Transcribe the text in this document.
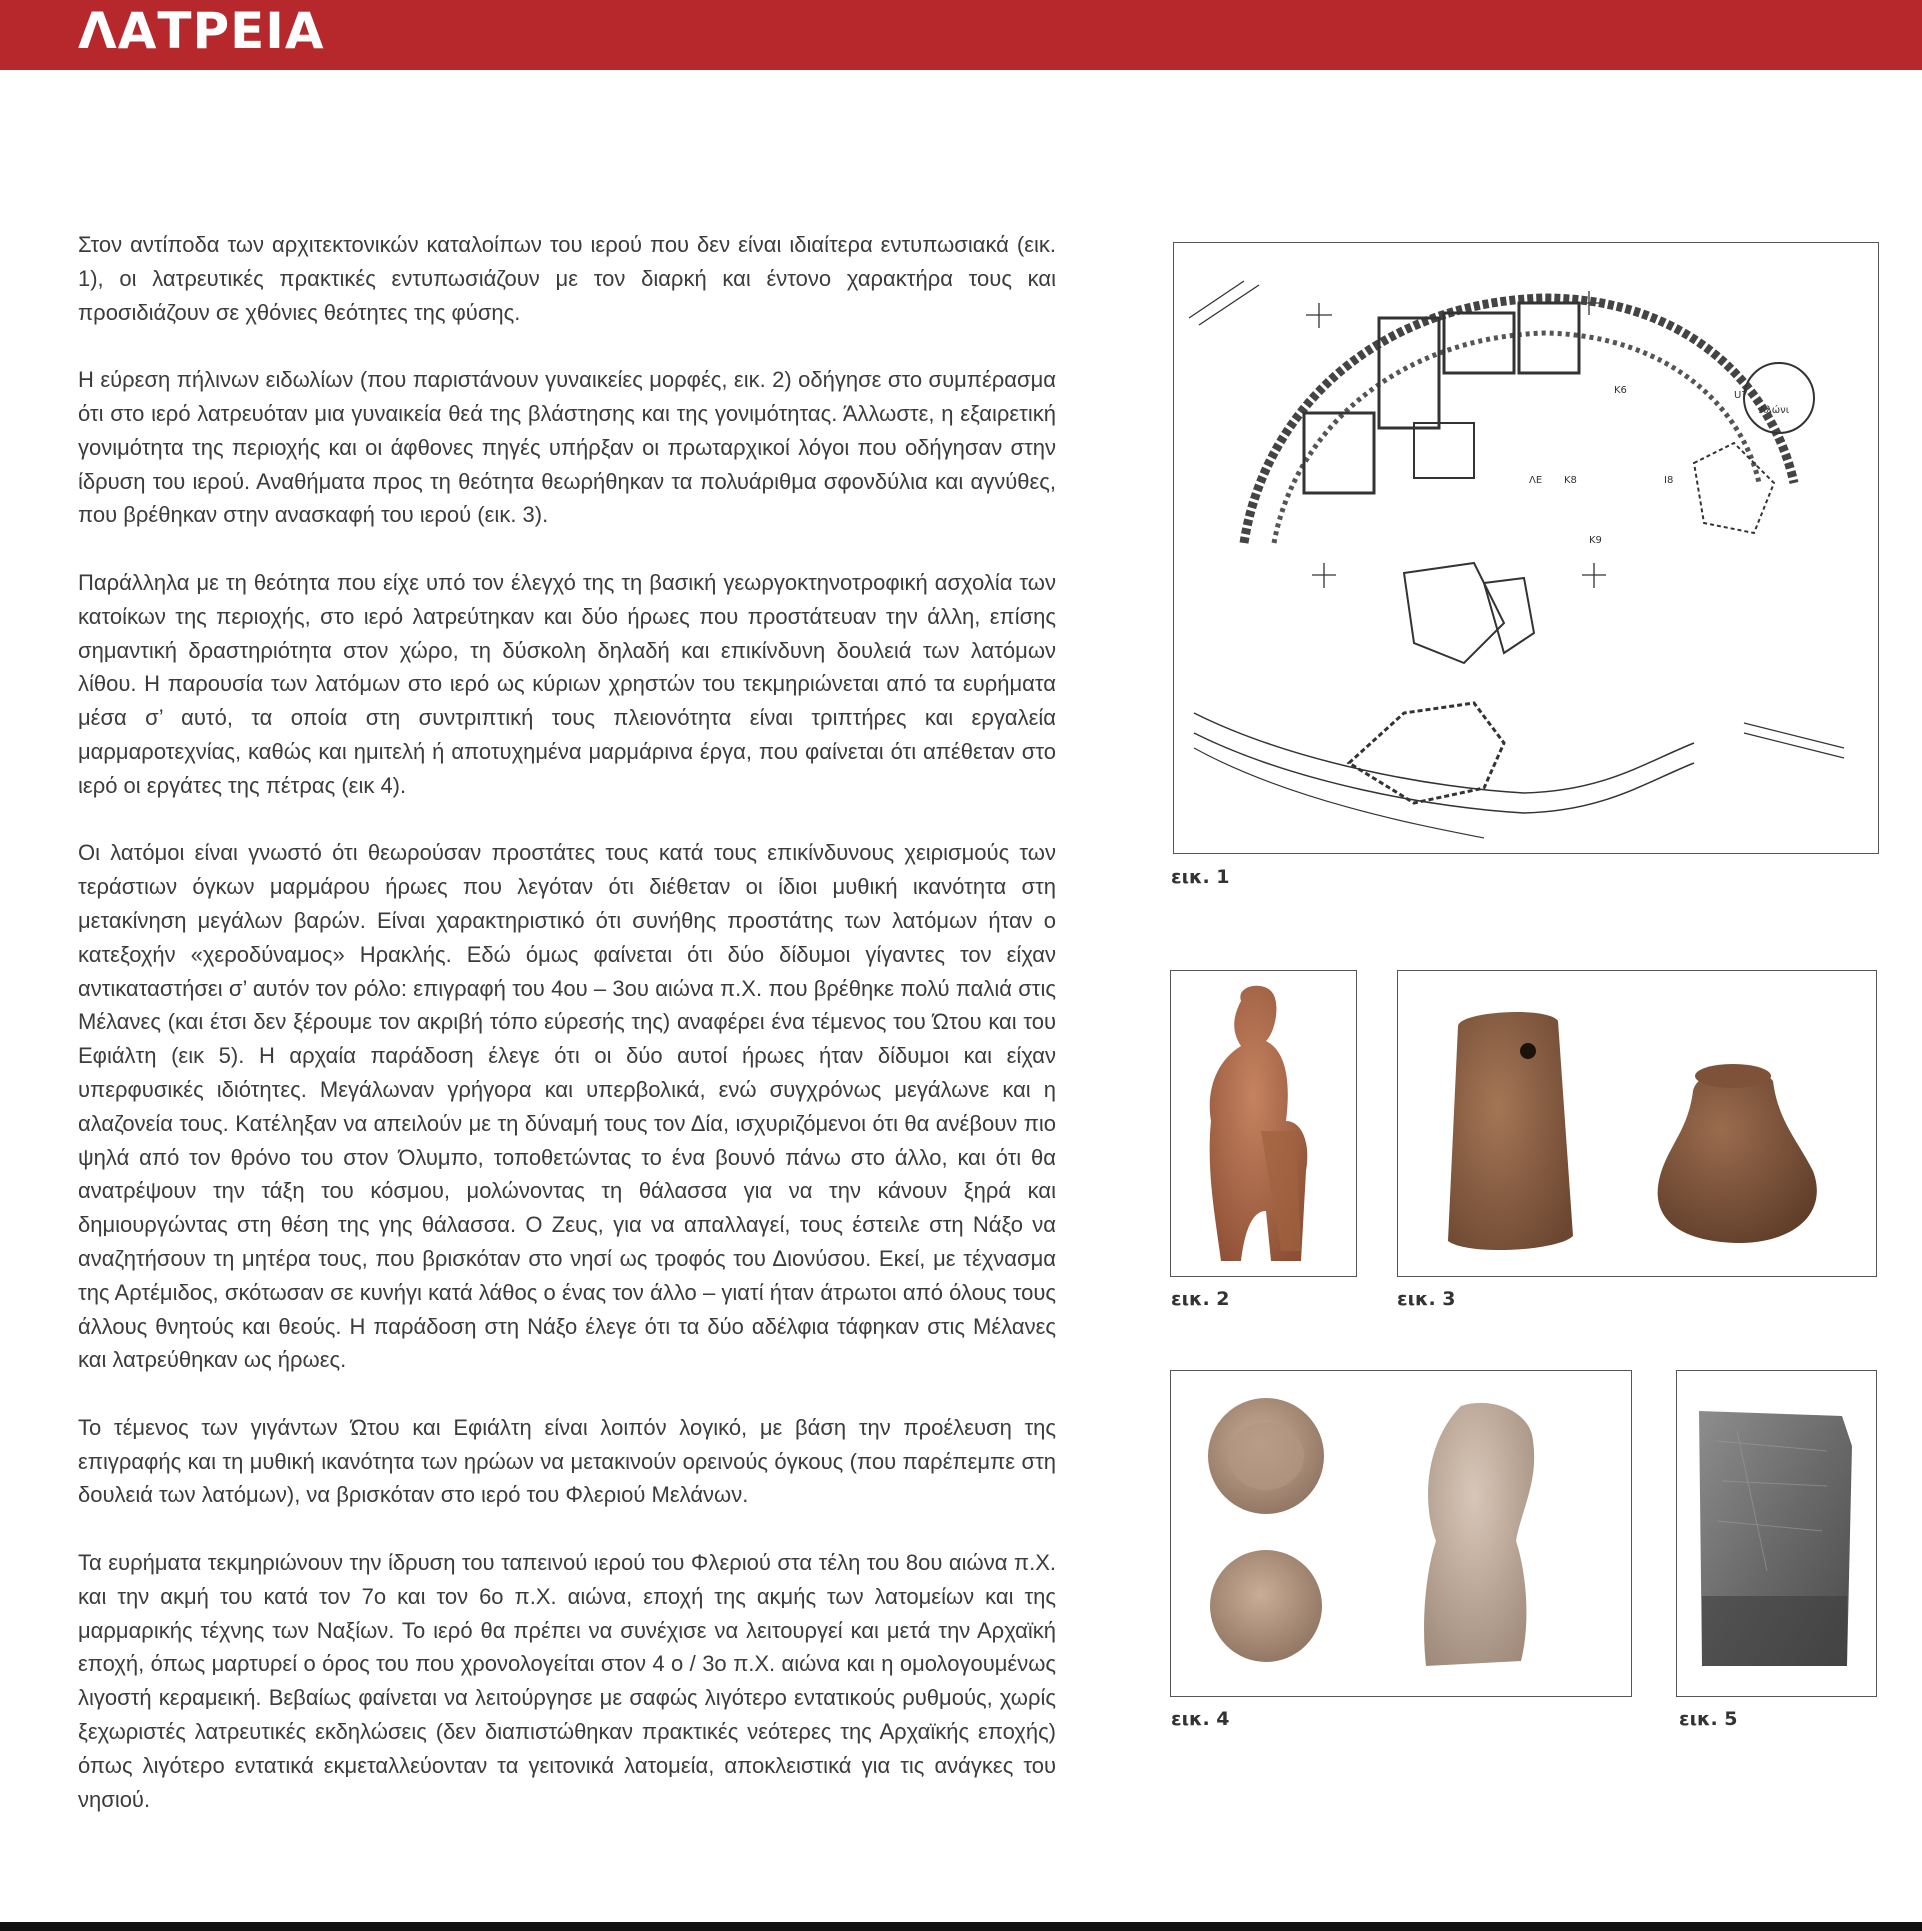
ΛΑΤΡΕΙΑ

Στον αντίποδα των αρχιτεκτονικών καταλοίπων του ιερού που δεν είναι ιδιαίτερα εντυπωσιακά (εικ. 1), οι λατρευτικές πρακτικές εντυπωσιάζουν με τον διαρκή και έντονο χαρακτήρα τους και προσιδιάζουν σε χθόνιες θεότητες της φύσης.

Η εύρεση πήλινων ειδωλίων (που παριστάνουν γυναικείες μορφές, εικ. 2) οδήγησε στο συμπέρασμα ότι στο ιερό λατρευόταν μια γυναικεία θεά της βλάστησης και της γονιμότητας. Άλλωστε, η εξαιρετική γονιμότητα της περιοχής και οι άφθονες πηγές υπήρξαν οι πρωταρχικοί λόγοι που οδήγησαν στην ίδρυση του ιερού. Αναθήματα προς τη θεότητα θεωρήθηκαν τα πολυάριθμα σφονδύλια και αγνύθες, που βρέθηκαν στην ανασκαφή του ιερού (εικ. 3).

Παράλληλα με τη θεότητα που είχε υπό τον έλεγχό της τη βασική γεωργοκτηνοτροφική ασχολία των κατοίκων της περιοχής, στο ιερό λατρεύτηκαν και δύο ήρωες που προστάτευαν την άλλη, επίσης σημαντική δραστηριότητα στον χώρο, τη δύσκολη δηλαδή και επικίνδυνη δουλειά των λατόμων λίθου. Η παρουσία των λατόμων στο ιερό ως κύριων χρηστών του τεκμηριώνεται από τα ευρήματα μέσα σ’ αυτό, τα οποία στη συντριπτική τους πλειονότητα είναι τριπτήρες και εργαλεία μαρμαροτεχνίας, καθώς και ημιτελή ή αποτυχημένα μαρμάρινα έργα, που φαίνεται ότι απέθεταν στο ιερό οι εργάτες της πέτρας (εικ 4).

Οι λατόμοι είναι γνωστό ότι θεωρούσαν προστάτες τους κατά τους επικίνδυνους χειρισμούς των τεράστιων όγκων μαρμάρου ήρωες που λεγόταν ότι διέθεταν οι ίδιοι μυθική ικανότητα στη μετακίνηση μεγάλων βαρών. Είναι χαρακτηριστικό ότι συνήθης προστάτης των λατόμων ήταν ο κατεξοχήν «χεροδύναμος» Ηρακλής. Εδώ όμως φαίνεται ότι δύο δίδυμοι γίγαντες τον είχαν αντικαταστήσει σ’ αυτόν τον ρόλο: επιγραφή του 4ου – 3ου αιώνα π.Χ. που βρέθηκε πολύ παλιά στις Μέλανες (και έτσι δεν ξέρουμε τον ακριβή τόπο εύρεσής της) αναφέρει ένα τέμενος του Ώτου και του Εφιάλτη (εικ 5). Η αρχαία παράδοση έλεγε ότι οι δύο αυτοί ήρωες ήταν δίδυμοι και είχαν υπερφυσικές ιδιότητες. Μεγάλωναν γρήγορα και υπερβολικά, ενώ συγχρόνως μεγάλωνε και η αλαζονεία τους. Κατέληξαν να απειλούν με τη δύναμή τους τον Δία, ισχυριζόμενοι ότι θα ανέβουν πιο ψηλά από τον θρόνο του στον Όλυμπο, τοποθετώντας το ένα βουνό πάνω στο άλλο, και ότι θα ανατρέψουν την τάξη του κόσμου, μολώνοντας τη θάλασσα για να την κάνουν ξηρά και δημιουργώντας στη θέση της γης θάλασσα. Ο Ζευς, για να απαλλαγεί, τους έστειλε στη Νάξο να αναζητήσουν τη μητέρα τους, που βρισκόταν στο νησί ως τροφός του Διονύσου. Εκεί, με τέχνασμα της Αρτέμιδος, σκότωσαν σε κυνήγι κατά λάθος ο ένας τον άλλο – γιατί ήταν άτρωτοι από όλους τους άλλους θνητούς και θεούς. Η παράδοση στη Νάξο έλεγε ότι τα δύο αδέλφια τάφηκαν στις Μέλανες και λατρεύθηκαν ως ήρωες.

Το τέμενος των γιγάντων Ώτου και Εφιάλτη είναι λοιπόν λογικό, με βάση την προέλευση της επιγραφής και τη μυθική ικανότητα των ηρώων να μετακινούν ορεινούς όγκους (που παρέπεμπε στη δουλειά των λατόμων), να βρισκόταν στο ιερό του Φλεριού Μελάνων.

Τα ευρήματα τεκμηριώνουν την ίδρυση του ταπεινού ιερού του Φλεριού στα τέλη του 8ου αιώνα π.Χ. και την ακμή του κατά τον 7ο και τον 6ο π.Χ. αιώνα, εποχή της ακμής των λατομείων και της μαρμαρικής τέχνης των Ναξίων. Το ιερό θα πρέπει να συνέχισε να λειτουργεί και μετά την Αρχαϊκή εποχή, όπως μαρτυρεί ο όρος του που χρονολογείται στον 4 ο / 3ο π.Χ. αιώνα και η ομολογουμένως λιγοστή κεραμεική. Βεβαίως φαίνεται να λειτούργησε με σαφώς λιγότερο εντατικούς ρυθμούς, χωρίς ξεχωριστές λατρευτικές εκδηλώσεις (δεν διαπιστώθηκαν πρακτικές νεότερες της Αρχαϊκής εποχής) όπως λιγότερο εντατικά εκμεταλλεύονταν τα γειτονικά λατομεία, αποκλειστικά για τις ανάγκες του νησιού.

Αλώνι
U7
K6
K8
K9
Ι8
ΛΕ
εικ. 1
εικ. 2	εικ. 3
εικ. 4	εικ. 5
